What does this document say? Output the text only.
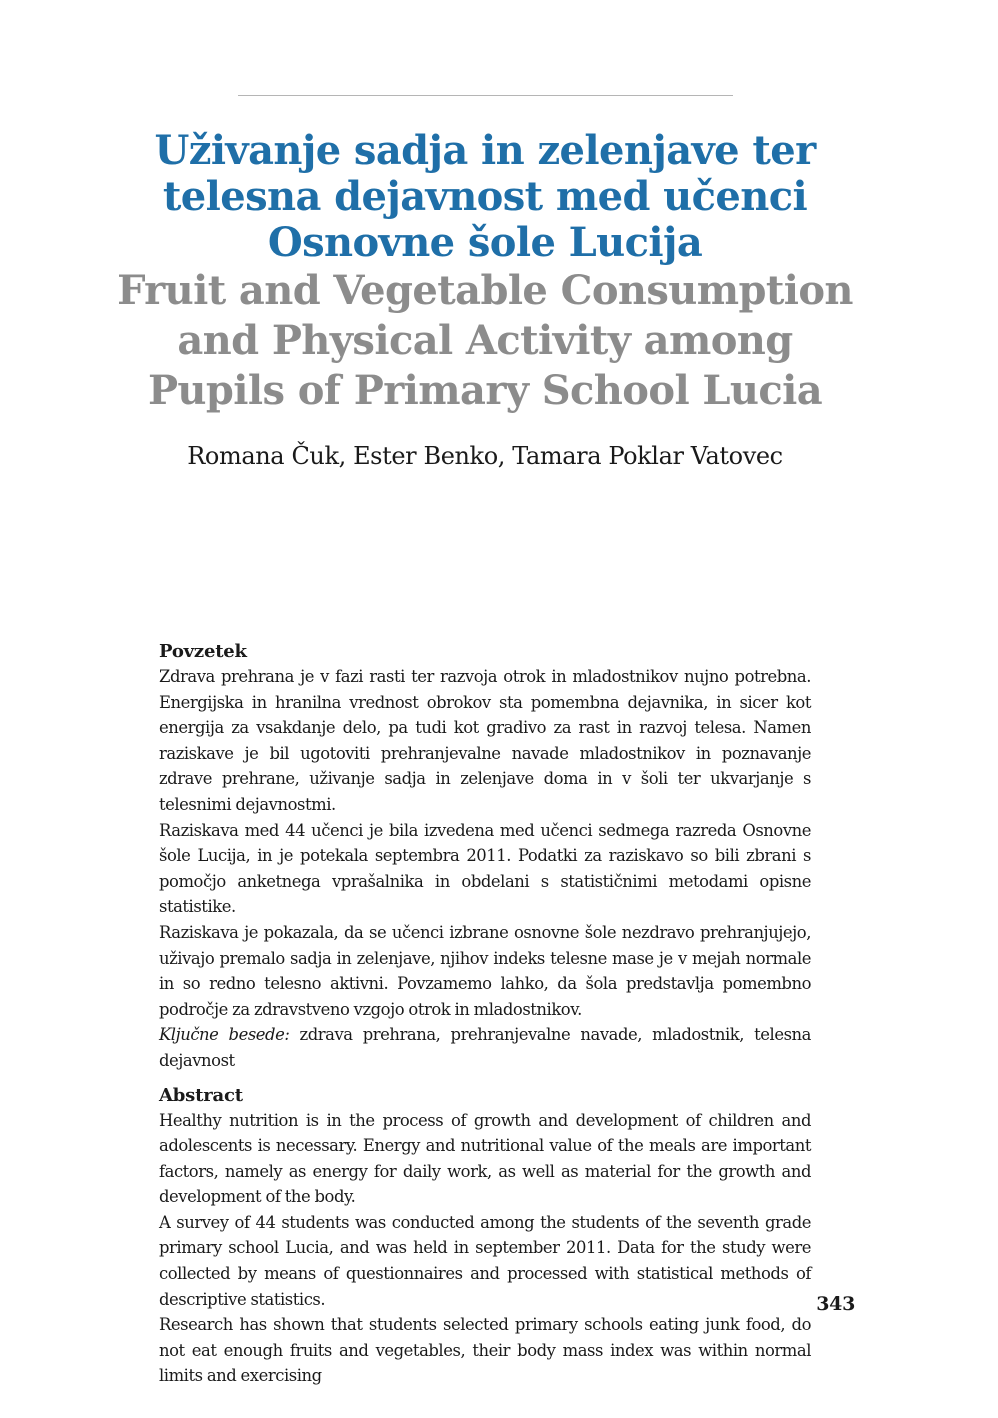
Uživanje sadja in zelenjave ter telesna dejavnost med učenci Osnovne šole Lucija
Fruit and Vegetable Consumption and Physical Activity among Pupils of Primary School Lucia
Romana Čuk, Ester Benko, Tamara Poklar Vatovec
Povzetek

Zdrava prehrana je v fazi rasti ter razvoja otrok in mladostnikov nujno potrebna. Energijska in hranilna vrednost obrokov sta pomembna dejavnika, in sicer kot energija za vsakdanje delo, pa tudi kot gradivo za rast in razvoj telesa. Namen raziskave je bil ugotoviti prehranjevalne navade mladostnikov in poznavanje zdrave prehrane, uživanje sadja in zelenjave doma in v šoli ter ukvarjanje s telesnimi dejavnostmi.

Raziskava med 44 učenci je bila izvedena med učenci sedmega razreda Osnovne šole Lucija, in je potekala septembra 2011. Podatki za raziskavo so bili zbrani s pomočjo anketnega vprašalnika in obdelani s statističnimi metodami opisne statistike.

Raziskava je pokazala, da se učenci izbrane osnovne šole nezdravo prehranjujejo, uživajo premalo sadja in zelenjave, njihov indeks telesne mase je v mejah normale in so redno telesno aktivni. Povzamemo lahko, da šola predstavlja pomembno področje za zdravstveno vzgojo otrok in mladostnikov.

Ključne besede: zdrava prehrana, prehranjevalne navade, mladostnik, telesna dejavnost

Abstract

Healthy nutrition is in the process of growth and development of children and adolescents is necessary. Energy and nutritional value of the meals are important factors, namely as energy for daily work, as well as material for the growth and development of the body.

A survey of 44 students was conducted among the students of the seventh grade primary school Lucia, and was held in september 2011. Data for the study were collected by means of questionnaires and processed with statistical methods of descriptive statistics.

Research has shown that students selected primary schools eating junk food, do not eat enough fruits and vegetables, their body mass index was within normal limits and exercising

343
